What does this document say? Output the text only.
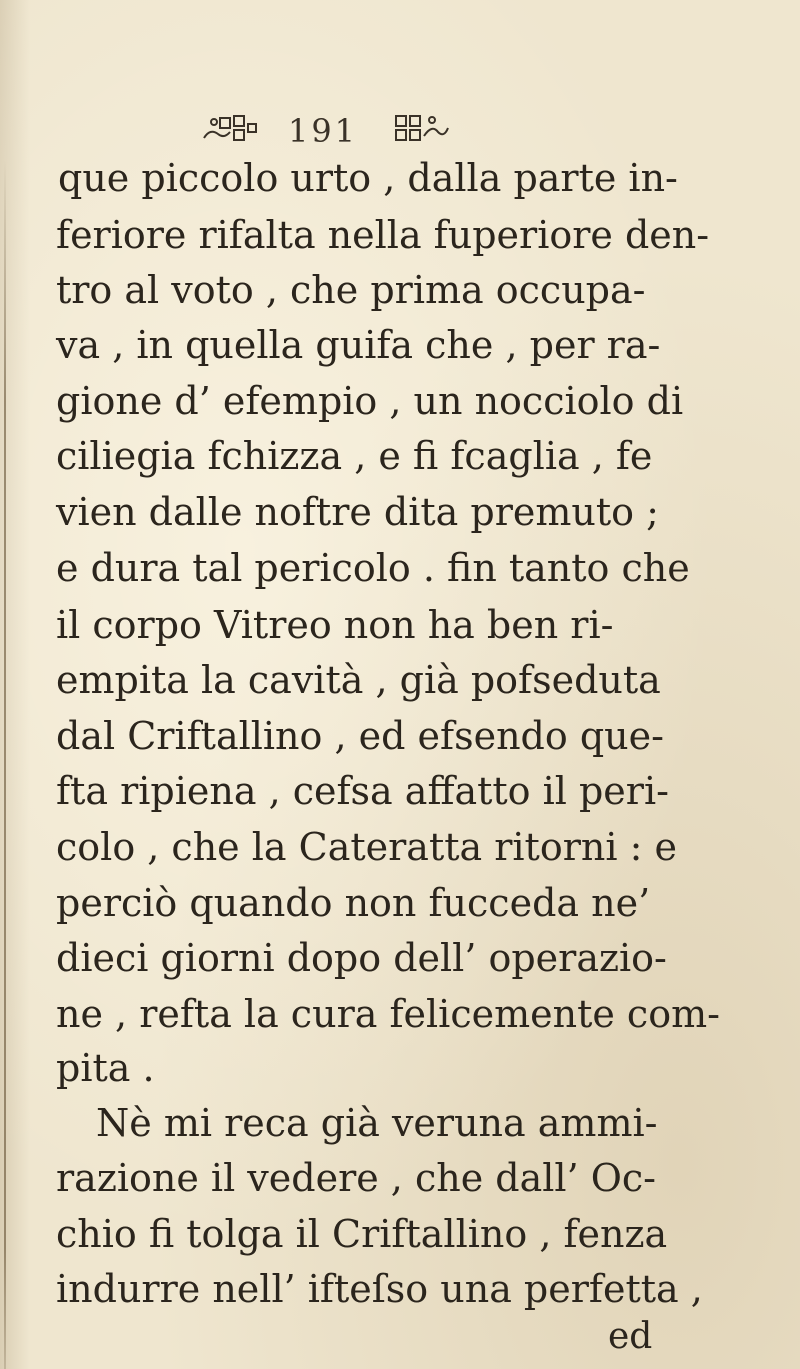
191
que piccolo urto , dalla parte in-
feriore rifalta nella fuperiore den-
tro al voto , che prima occupa-
va , in quella guifa che , per ra-
gione d’ efempio , un nocciolo di
ciliegia fchizza , e fi fcaglia , fe
vien dalle noftre dita premuto ;
e dura tal pericolo . fin tanto che
il corpo Vitreo non ha ben ri-
empita la cavità , già pofseduta
dal Criftallino , ed efsendo que-
fta ripiena , cefsa affatto il peri-
colo , che la Cateratta ritorni : e
perciò quando non fucceda ne’
dieci giorni dopo dell’ operazio-
ne , refta la cura felicemente com-
pita .
Nè mi reca già veruna ammi-
razione il vedere , che dall’ Oc-
chio fi tolga il Criftallino , fenza
indurre nell’ ifteſso una perfetta ,
ed
